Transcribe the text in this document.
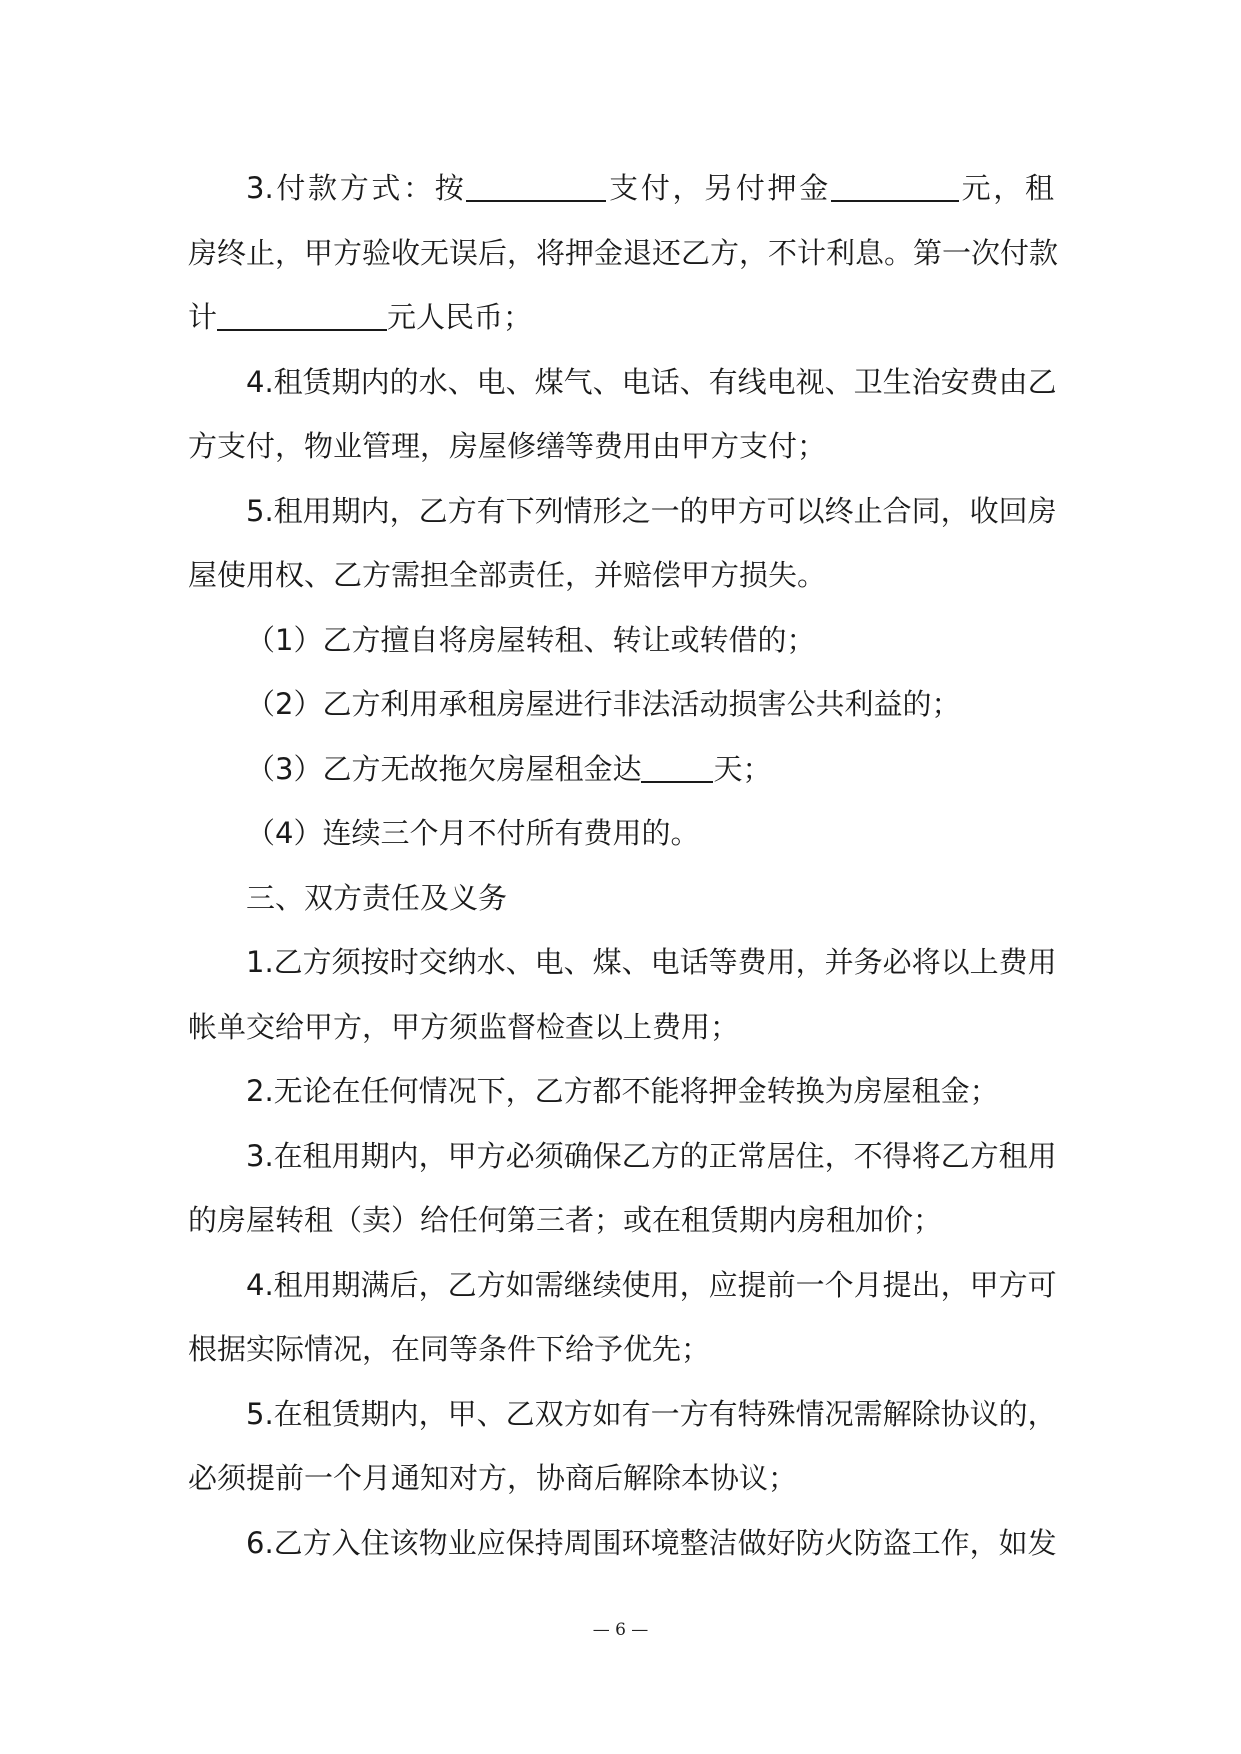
3.付款方式：按	支付，另付押金	元，租
房终止，甲方验收无误后，将押金退还乙方，不计利息。第一次付款
计	元人民币；
4.租赁期内的水、电、煤气、电话、有线电视、卫生治安费由乙
方支付，物业管理，房屋修缮等费用由甲方支付；
5.租用期内，乙方有下列情形之一的甲方可以终止合同，收回房
屋使用权、乙方需担全部责任，并赔偿甲方损失。
（1）乙方擅自将房屋转租、转让或转借的；
（2）乙方利用承租房屋进行非法活动损害公共利益的；
（3）乙方无故拖欠房屋租金达 天；
（4）连续三个月不付所有费用的。
三、双方责任及义务
1.乙方须按时交纳水、电、煤、电话等费用，并务必将以上费用
帐单交给甲方，甲方须监督检查以上费用；
2.无论在任何情况下，乙方都不能将押金转换为房屋租金；
3.在租用期内，甲方必须确保乙方的正常居住，不得将乙方租用
的房屋转租（卖）给任何第三者；或在租赁期内房租加价；
4.租用期满后，乙方如需继续使用，应提前一个月提出，甲方可
根据实际情况，在同等条件下给予优先；
5.在租赁期内，甲、乙双方如有一方有特殊情况需解除协议的，
必须提前一个月通知对方，协商后解除本协议；
6.乙方入住该物业应保持周围环境整洁做好防火防盗工作，如发
— 6 —
